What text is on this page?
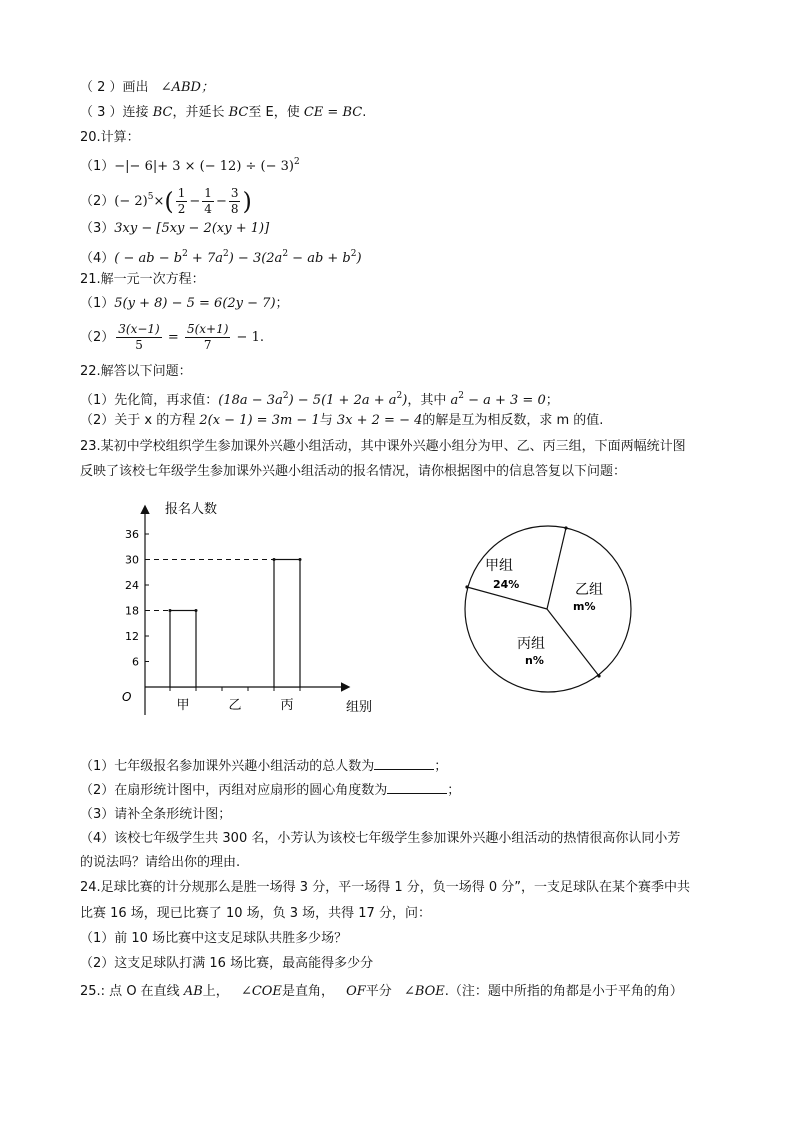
（ 2 ）画出 ∠ABD；
（ 3 ）连接 BC，并延长 BC至 E，使 CE = BC.
20.计算：
（1）−|− 6|+ 3 × (− 12) ÷ (− 3)$^2$
$(2)(- 2)^5\times( \frac{1}{2} - \frac{1}{4} - \frac{3}{8}$ )
（3）3xy − [5xy − 2(xy + 1)]
（4）( − ab − $b^2 + 7a^2) - 3(2a^2$ − ab + $b^2$)
21.解一元一次方程：
（1）5(y + 8) − 5 = 6(2y − 7)；
$(2) \frac{3(x-1)}{5} = \frac{5(x+1)}{7} - 1$.
22.解答以下问题：
（1）先化简，再求值：$(18a - 3a^2) - 5(1 + 2a + a^2)$，其中 $a^2 - a + 3 = 0$；
（2）关于 x 的方程 2(x − 1) = 3m − 1与 3x + 2 = − 4的解是互为相反数，求 m 的值.
23.某初中学校组织学生参加课外兴趣小组活动，其中课外兴趣小组分为甲、乙、丙三组，下面两幅统计图
反映了该校七年级学生参加课外兴趣小组活动的报名情况，请你根据图中的信息答复以下问题：
报名人数
O
组别
6
12
18
24
30
36
甲	乙	丙
甲组
24%	乙组
m%
丙组
n%
（1）七年级报名参加课外兴趣小组活动的总人数为	；
（2）在扇形统计图中，丙组对应扇形的圆心角度数为	；
（3）请补全条形统计图；
（4）该校七年级学生共 300 名，小芳认为该校七年级学生参加课外兴趣小组活动的热情很高你认同小芳
的说法吗？请给出你的理由.
24.足球比赛的计分规那么是胜一场得 3 分，平一场得 1 分，负一场得 0 分”，一支足球队在某个赛季中共
比赛 16 场，现已比赛了 10 场，负 3 场，共得 17 分，问：
（1）前 10 场比赛中这支足球队共胜多少场？
（2）这支足球队打满 16 场比赛，最高能得多少分
25.: 点 O 在直线 AB上， ∠COE是直角， OF平分 ∠BOE.（注：题中所指的角都是小于平角的角）
